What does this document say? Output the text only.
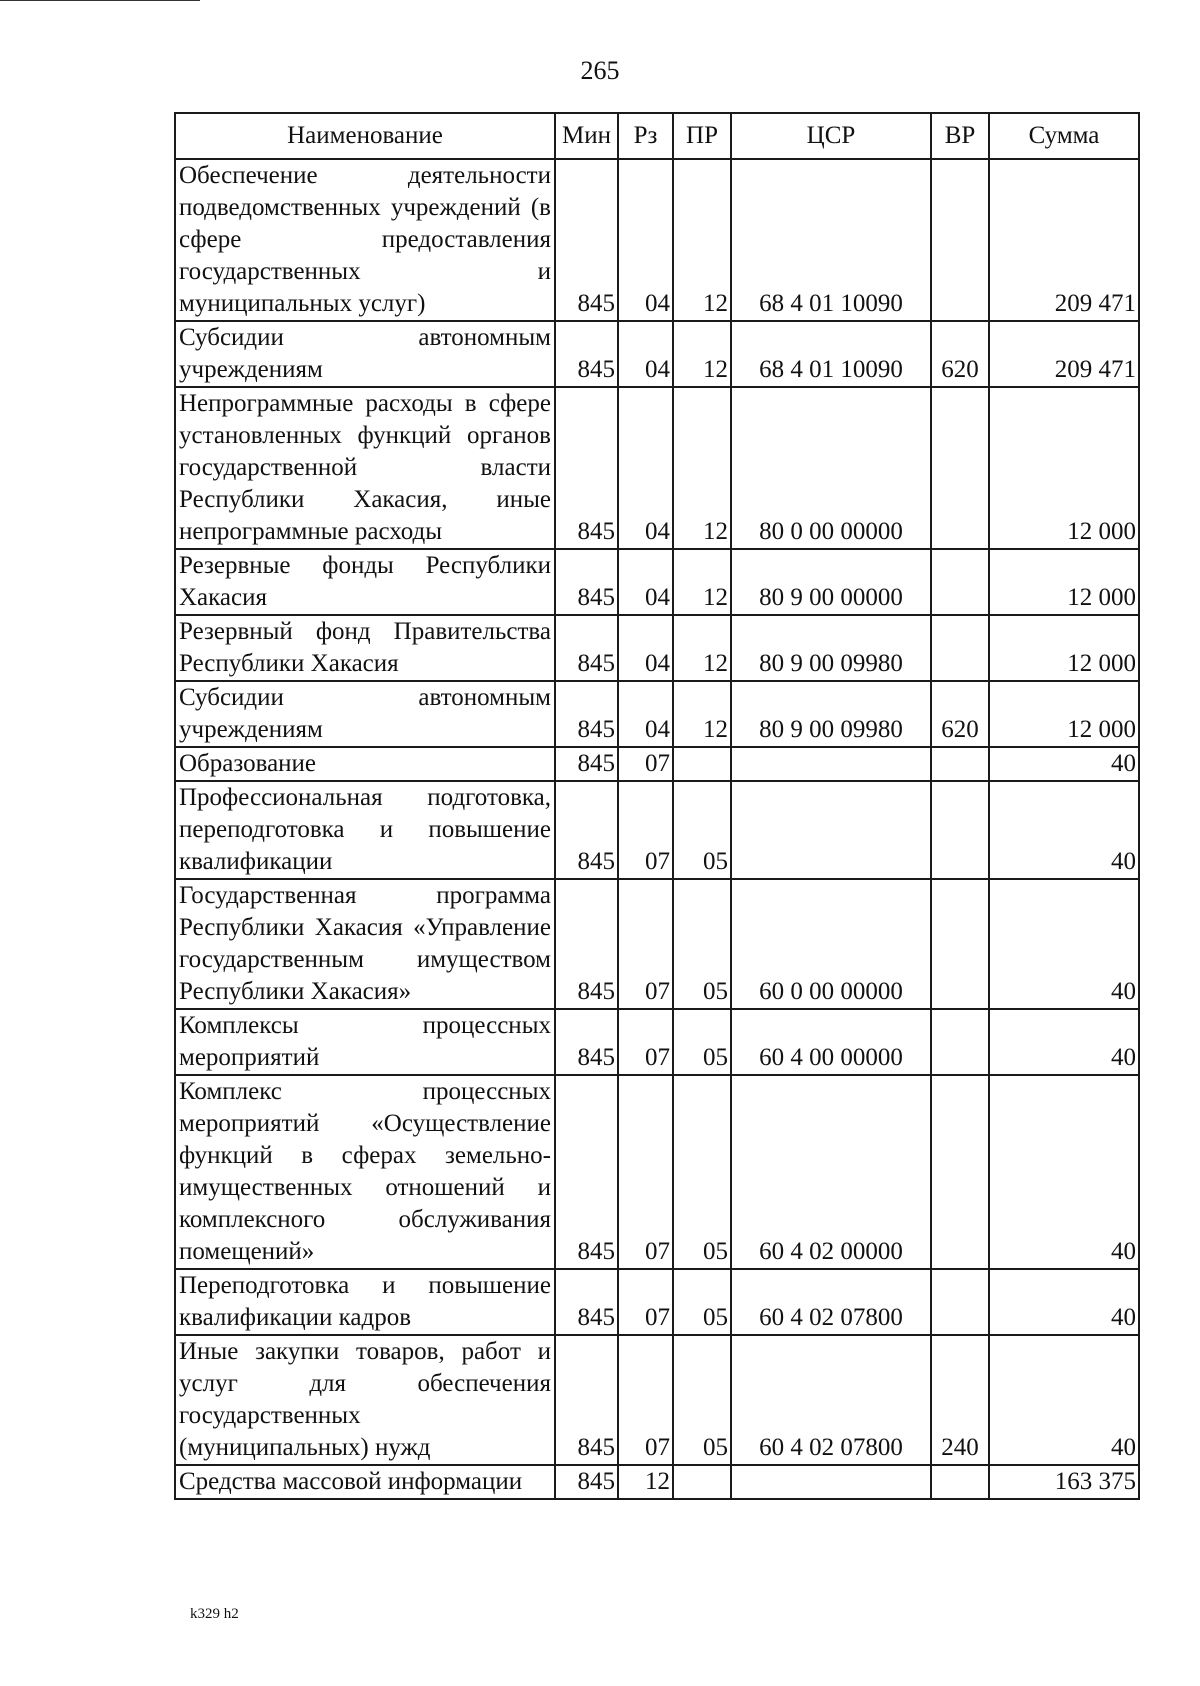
265
Наименование	Мин	Рз	ПР	ЦСР	ВР	Сумма
Обеспечение деятельности подведомственных учреждений (в сфере предоставления государственных и муниципальных услуг)	845	04	12	68 4 01 10090		209 471
Субсидии автономным учреждениям	845	04	12	68 4 01 10090	620	209 471
Непрограммные расходы в сфере установленных функций органов государственной власти Республики Хакасия, иные непрограммные расходы	845	04	12	80 0 00 00000		12 000
Резервные фонды Республики Хакасия	845	04	12	80 9 00 00000		12 000
Резервный фонд Правительства Республики Хакасия	845	04	12	80 9 00 09980		12 000
Субсидии автономным учреждениям	845	04	12	80 9 00 09980	620	12 000
Образование	845	07				40
Профессиональная подготовка, переподготовка и повышение квалификации	845	07	05			40
Государственная программа Республики Хакасия «Управление государственным имуществом Республики Хакасия»	845	07	05	60 0 00 00000		40
Комплексы процессных мероприятий	845	07	05	60 4 00 00000		40
Комплекс процессных мероприятий «Осуществление функций в сферах земельно-имущественных отношений и комплексного обслуживания помещений»	845	07	05	60 4 02 00000		40
Переподготовка и повышение квалификации кадров	845	07	05	60 4 02 07800		40
Иные закупки товаров, работ и услуг для обеспечения государственных (муниципальных) нужд	845	07	05	60 4 02 07800	240	40
Средства массовой информации	845	12				163 375
k329 h2
